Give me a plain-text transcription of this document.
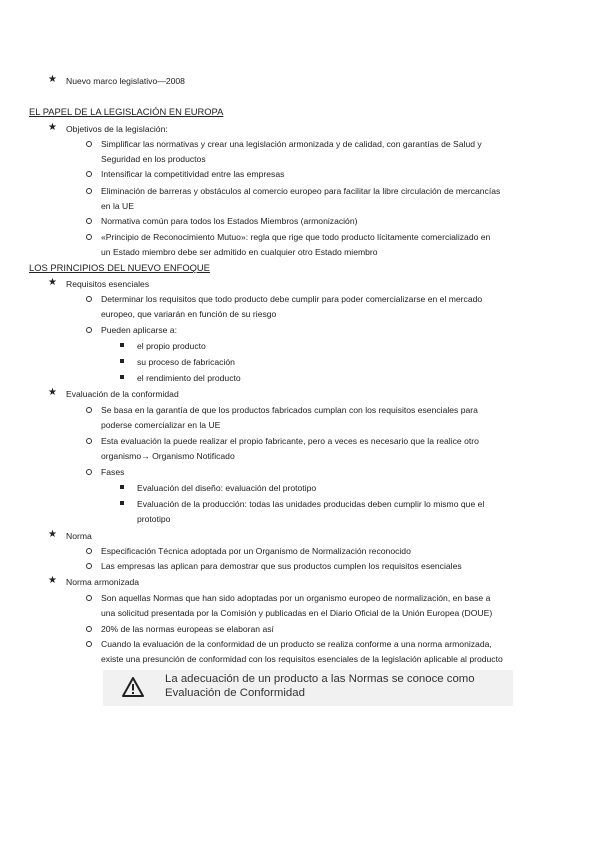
★ Nuevo marco legislativo—2008
EL PAPEL DE LA LEGISLACIÓN EN EUROPA
★ Objetivos de la legislación:
Simplificar las normativas y crear una legislación armonizada y de calidad, con garantías de Salud y
Seguridad en los productos
Intensificar la competitividad entre las empresas
Eliminación de barreras y obstáculos al comercio europeo para facilitar la libre circulación de mercancías
en la UE
Normativa común para todos los Estados Miembros (armonización)
«Principio de Reconocimiento Mutuo»: regla que rige que todo producto lícitamente comercializado en
un Estado miembro debe ser admitido en cualquier otro Estado miembro
LOS PRINCIPIOS DEL NUEVO ENFOQUE
★ Requisitos esenciales
Determinar los requisitos que todo producto debe cumplir para poder comercializarse en el mercado
europeo, que variarán en función de su riesgo
Pueden aplicarse a:
el propio producto
su proceso de fabricación
el rendimiento del producto
★ Evaluación de la conformidad
Se basa en la garantía de que los productos fabricados cumplan con los requisitos esenciales para
poderse comercializar en la UE
Esta evaluación la puede realizar el propio fabricante, pero a veces es necesario que la realice otro
organismo→ Organismo Notificado
Fases
Evaluación del diseño: evaluación del prototipo
Evaluación de la producción: todas las unidades producidas deben cumplir lo mismo que el
prototipo
★ Norma
Especificación Técnica adoptada por un Organismo de Normalización reconocido
Las empresas las aplican para demostrar que sus productos cumplen los requisitos esenciales
★ Norma armonizada
Son aquellas Normas que han sido adoptadas por un organismo europeo de normalización, en base a
una solicitud presentada por la Comisión y publicadas en el Diario Oficial de la Unión Europea (DOUE)
20% de las normas europeas se elaboran así
Cuando la evaluación de la conformidad de un producto se realiza conforme a una norma armonizada,
existe una presunción de conformidad con los requisitos esenciales de la legislación aplicable al producto
La adecuación de un producto a las Normas se conoce como
Evaluación de Conformidad
